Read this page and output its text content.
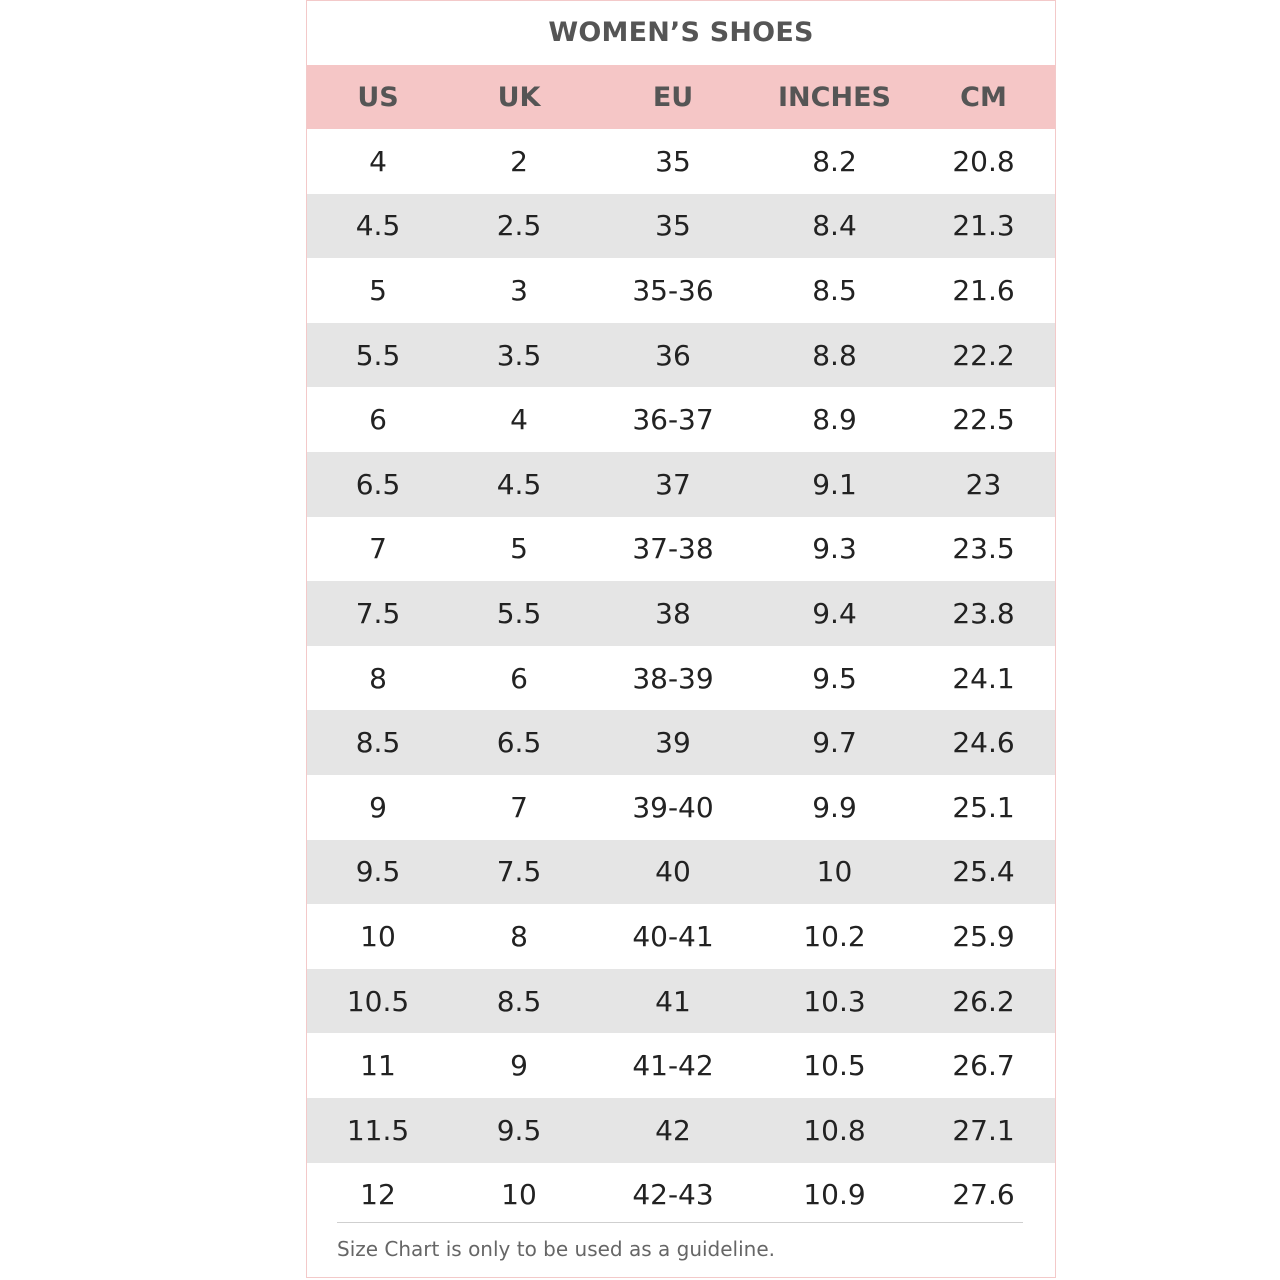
WOMEN’S SHOES
US	UK	EU	INCHES	CM
4	2	35	8.2	20.8
4.5	2.5	35	8.4	21.3
5	3	35-36	8.5	21.6
5.5	3.5	36	8.8	22.2
6	4	36-37	8.9	22.5
6.5	4.5	37	9.1	23
7	5	37-38	9.3	23.5
7.5	5.5	38	9.4	23.8
8	6	38-39	9.5	24.1
8.5	6.5	39	9.7	24.6
9	7	39-40	9.9	25.1
9.5	7.5	40	10	25.4
10	8	40-41	10.2	25.9
10.5	8.5	41	10.3	26.2
11	9	41-42	10.5	26.7
11.5	9.5	42	10.8	27.1
12	10	42-43	10.9	27.6
Size Chart is only to be used as a guideline.
